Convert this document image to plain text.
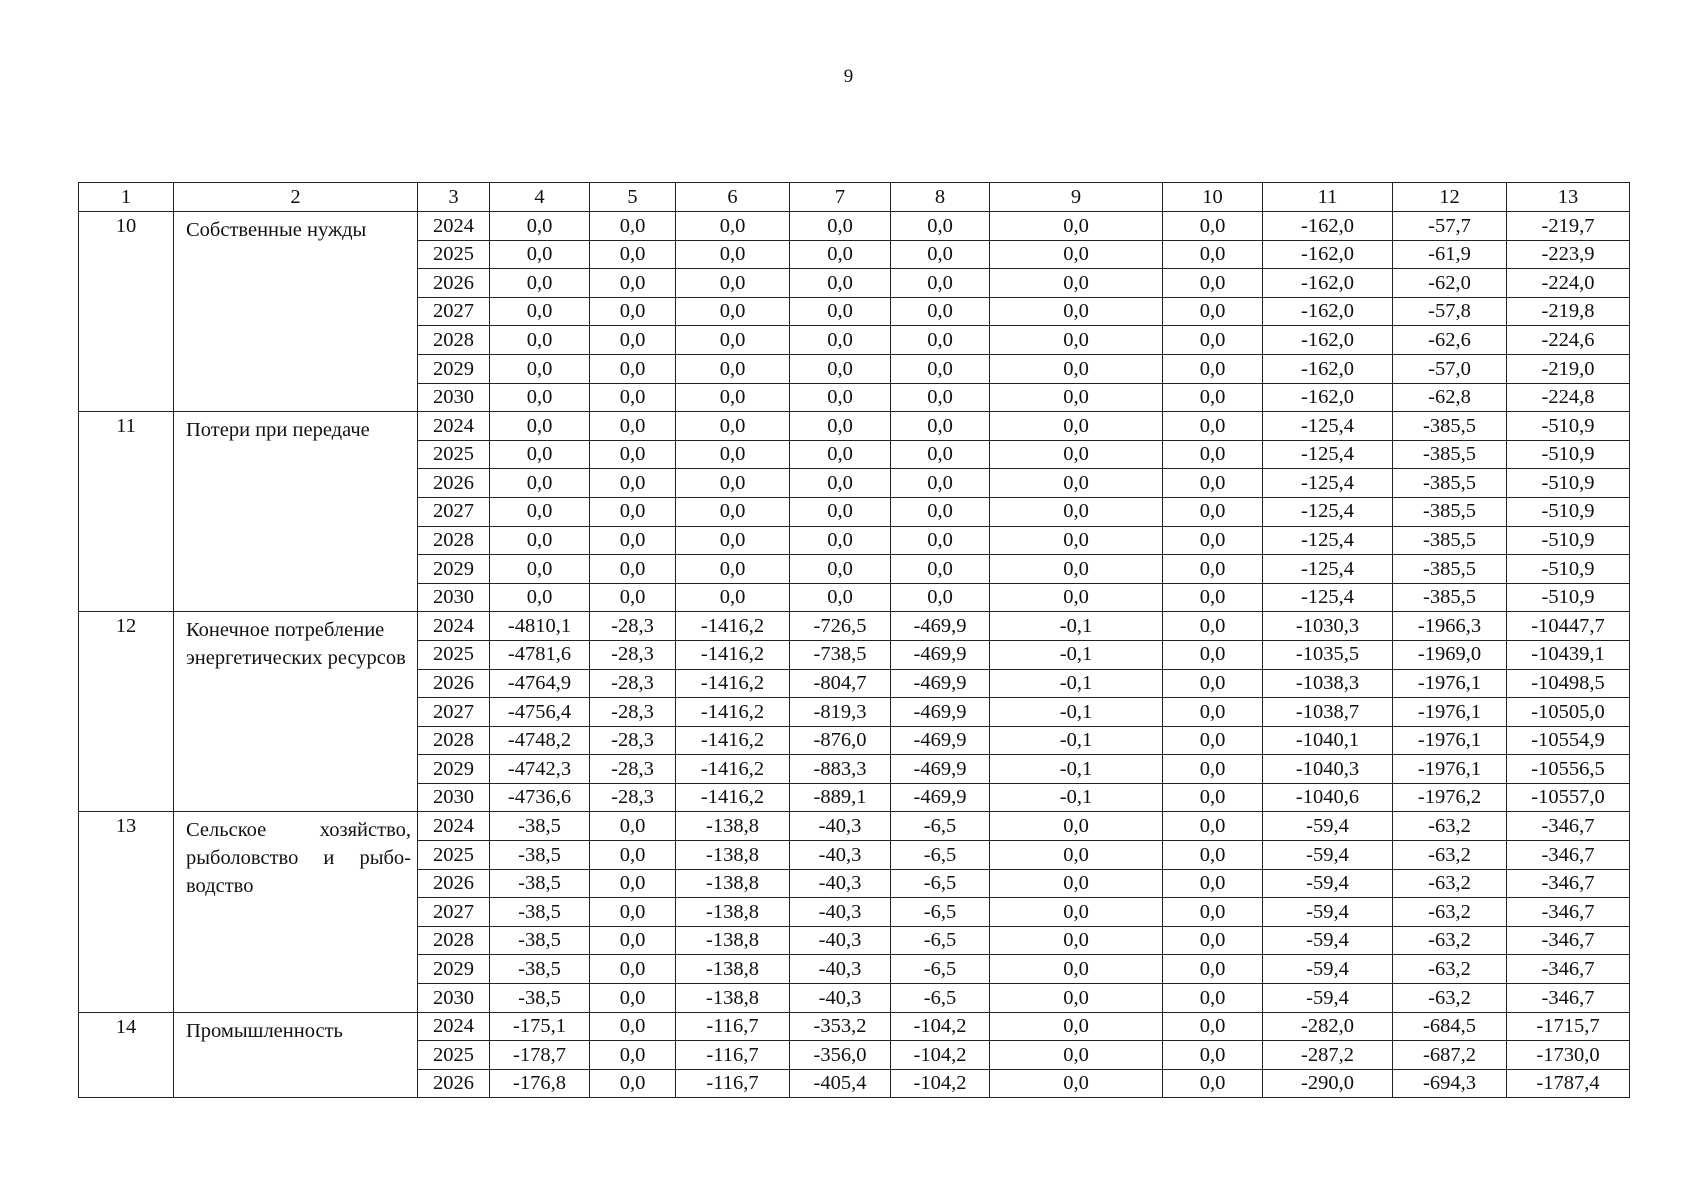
9
1	2	3	4	5	6	7	8	9	10	11	12	13
10	Собственные нужды	2024	0,0	0,0	0,0	0,0	0,0	0,0	0,0	-162,0	-57,7	-219,7
		2025	0,0	0,0	0,0	0,0	0,0	0,0	0,0	-162,0	-61,9	-223,9
		2026	0,0	0,0	0,0	0,0	0,0	0,0	0,0	-162,0	-62,0	-224,0
		2027	0,0	0,0	0,0	0,0	0,0	0,0	0,0	-162,0	-57,8	-219,8
		2028	0,0	0,0	0,0	0,0	0,0	0,0	0,0	-162,0	-62,6	-224,6
		2029	0,0	0,0	0,0	0,0	0,0	0,0	0,0	-162,0	-57,0	-219,0
		2030	0,0	0,0	0,0	0,0	0,0	0,0	0,0	-162,0	-62,8	-224,8
11	Потери при передаче	2024	0,0	0,0	0,0	0,0	0,0	0,0	0,0	-125,4	-385,5	-510,9
		2025	0,0	0,0	0,0	0,0	0,0	0,0	0,0	-125,4	-385,5	-510,9
		2026	0,0	0,0	0,0	0,0	0,0	0,0	0,0	-125,4	-385,5	-510,9
		2027	0,0	0,0	0,0	0,0	0,0	0,0	0,0	-125,4	-385,5	-510,9
		2028	0,0	0,0	0,0	0,0	0,0	0,0	0,0	-125,4	-385,5	-510,9
		2029	0,0	0,0	0,0	0,0	0,0	0,0	0,0	-125,4	-385,5	-510,9
		2030	0,0	0,0	0,0	0,0	0,0	0,0	0,0	-125,4	-385,5	-510,9
12	Конечное потребление энергетических ресурсов	2024	-4810,1	-28,3	-1416,2	-726,5	-469,9	-0,1	0,0	-1030,3	-1966,3	-10447,7
		2025	-4781,6	-28,3	-1416,2	-738,5	-469,9	-0,1	0,0	-1035,5	-1969,0	-10439,1
		2026	-4764,9	-28,3	-1416,2	-804,7	-469,9	-0,1	0,0	-1038,3	-1976,1	-10498,5
		2027	-4756,4	-28,3	-1416,2	-819,3	-469,9	-0,1	0,0	-1038,7	-1976,1	-10505,0
		2028	-4748,2	-28,3	-1416,2	-876,0	-469,9	-0,1	0,0	-1040,1	-1976,1	-10554,9
		2029	-4742,3	-28,3	-1416,2	-883,3	-469,9	-0,1	0,0	-1040,3	-1976,1	-10556,5
		2030	-4736,6	-28,3	-1416,2	-889,1	-469,9	-0,1	0,0	-1040,6	-1976,2	-10557,0
13	Сельское хозяйство, рыболовство и рыбо-водство	2024	-38,5	0,0	-138,8	-40,3	-6,5	0,0	0,0	-59,4	-63,2	-346,7
		2025	-38,5	0,0	-138,8	-40,3	-6,5	0,0	0,0	-59,4	-63,2	-346,7
		2026	-38,5	0,0	-138,8	-40,3	-6,5	0,0	0,0	-59,4	-63,2	-346,7
		2027	-38,5	0,0	-138,8	-40,3	-6,5	0,0	0,0	-59,4	-63,2	-346,7
		2028	-38,5	0,0	-138,8	-40,3	-6,5	0,0	0,0	-59,4	-63,2	-346,7
		2029	-38,5	0,0	-138,8	-40,3	-6,5	0,0	0,0	-59,4	-63,2	-346,7
		2030	-38,5	0,0	-138,8	-40,3	-6,5	0,0	0,0	-59,4	-63,2	-346,7
14	Промышленность	2024	-175,1	0,0	-116,7	-353,2	-104,2	0,0	0,0	-282,0	-684,5	-1715,7
		2025	-178,7	0,0	-116,7	-356,0	-104,2	0,0	0,0	-287,2	-687,2	-1730,0
		2026	-176,8	0,0	-116,7	-405,4	-104,2	0,0	0,0	-290,0	-694,3	-1787,4
